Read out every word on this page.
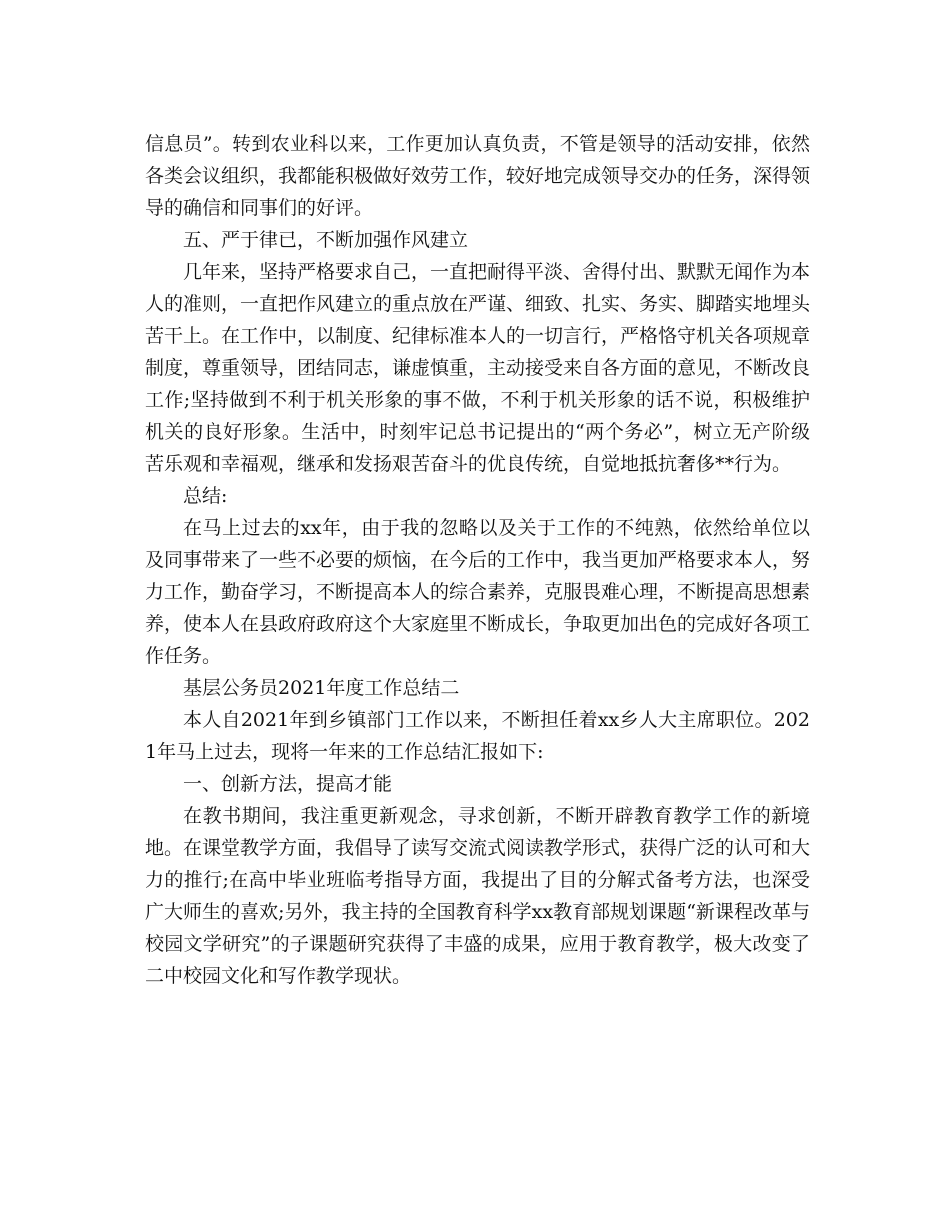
信息员”。转到农业科以来，工作更加认真负责，不管是领导的活动安排，依然各类会议组织，我都能积极做好效劳工作，较好地完成领导交办的任务，深得领导的确信和同事们的好评。

五、严于律已，不断加强作风建立

几年来，坚持严格要求自己，一直把耐得平淡、舍得付出、默默无闻作为本人的准则，一直把作风建立的重点放在严谨、细致、扎实、务实、脚踏实地埋头苦干上。在工作中，以制度、纪律标准本人的一切言行，严格恪守机关各项规章制度，尊重领导，团结同志，谦虚慎重，主动接受来自各方面的意见，不断改良工作;坚持做到不利于机关形象的事不做，不利于机关形象的话不说，积极维护机关的良好形象。生活中，时刻牢记总书记提出的“两个务必”，树立无产阶级苦乐观和幸福观，继承和发扬艰苦奋斗的优良传统，自觉地抵抗奢侈**行为。

总结:

在马上过去的xx年，由于我的忽略以及关于工作的不纯熟，依然给单位以及同事带来了一些不必要的烦恼，在今后的工作中，我当更加严格要求本人，努力工作，勤奋学习，不断提高本人的综合素养，克服畏难心理，不断提高思想素养，使本人在县政府政府这个大家庭里不断成长，争取更加出色的完成好各项工作任务。

基层公务员2021年度工作总结二

本人自2021年到乡镇部门工作以来，不断担任着xx乡人大主席职位。2021年马上过去，现将一年来的工作总结汇报如下:

一、创新方法，提高才能

在教书期间，我注重更新观念，寻求创新，不断开辟教育教学工作的新境地。在课堂教学方面，我倡导了读写交流式阅读教学形式，获得广泛的认可和大力的推行;在高中毕业班临考指导方面，我提出了目的分解式备考方法，也深受广大师生的喜欢;另外，我主持的全国教育科学xx教育部规划课题“新课程改革与校园文学研究”的子课题研究获得了丰盛的成果，应用于教育教学，极大改变了二中校园文化和写作教学现状。
